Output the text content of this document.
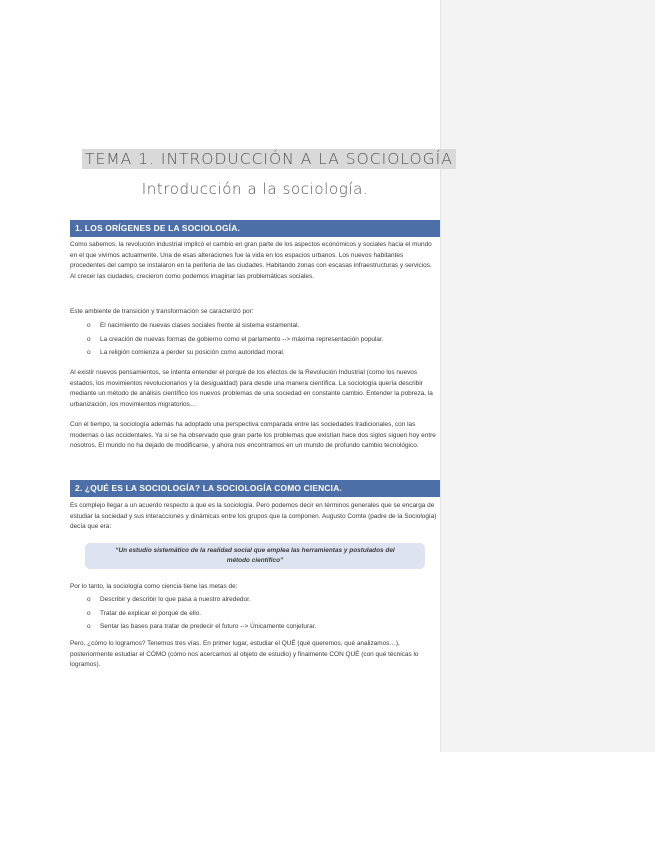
TEMA 1. INTRODUCCIÓN A LA SOCIOLOGÍA
Introducción a la sociología.
1. LOS ORÍGENES DE LA SOCIOLOGÍA.
Como sabemos, la revolución industrial implicó el cambio en gran parte de los aspectos económicos y sociales hacia el mundo en el que vivimos actualmente. Una de esas alteraciones fue la vida en los espacios urbanos. Los nuevos habitantes procedentes del campo se instalaron en la periferia de las ciudades. Habitando zonas con escasas infraestructuras y servicios. Al crecer las ciudades, crecieron como podemos imaginar las problemáticas sociales.
Este ambiente de transición y transformación se caracterizó por:
o El nacimiento de nuevas clases sociales frente al sistema estamental.
o La creación de nuevas formas de gobierno como el parlamento --> máxima representación popular.
o La religión comienza a perder su posición como autoridad moral.
Al existir nuevos pensamientos, se intenta entender el porqué de los efectos de la Revolución Industrial (como los nuevos estados, los movimientos revolucionarios y la desigualdad) para desde una manera científica. La sociología quería describir mediante un método de análisis científico los nuevos problemas de una sociedad en constante cambio. Entender la pobreza, la urbanización, los movimientos migratorios…
Con el tiempo, la sociología además ha adoptado una perspectiva comparada entre las sociedades tradicionales, con las modernas o las occidentales. Ya si se ha observado que gran parte los problemas que existían hace dos siglos siguen hoy entre nosotros. El mundo no ha dejado de modificarse, y ahora nos encontramos en un mundo de profundo cambio tecnológico.
2. ¿QUÉ ES LA SOCIOLOGÍA? LA SOCIOLOGÍA COMO CIENCIA.
Es complejo llegar a un acuerdo respecto a que es la sociología. Pero podemos decir en términos generales que se encarga de estudiar la sociedad y sus interacciones y dinámicas entre los grupos que la componen. Augusto Comte (padre de la Sociología) decía que era:
“Un estudio sistemático de la realidad social que emplea las herramientas y postulados del método científico”
Por lo tanto, la sociología como ciencia tiene las metas de:
o Describir y describir lo que pasa a nuestro alrededor.
o Tratar de explicar el porqué de ello.
o Sentar las bases para tratar de predecir el futuro --> Únicamente conjeturar.
Pero, ¿cómo lo logramos? Tenemos tres vías. En primer lugar, estudiar el QUÉ (qué queremos, qué analizamos…), posteriormente estudiar el CÓMO (cómo nos acercamos al objeto de estudio) y finalmente CON QUÉ (con qué técnicas lo logramos).
